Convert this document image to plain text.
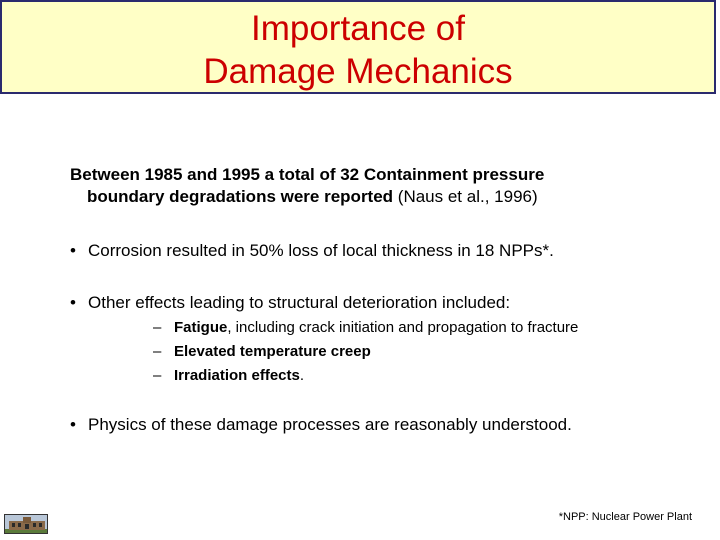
Importance of
Damage Mechanics
Between 1985 and 1995 a total of 32 Containment pressure
boundary degradations were reported (Naus et al., 1996)
• Corrosion resulted in 50% loss of local thickness in 18 NPPs*.
• Other effects leading to structural deterioration included:
– Fatigue, including crack initiation and propagation to fracture
– Elevated temperature creep
– Irradiation effects.
• Physics of these damage processes are reasonably understood.
*NPP: Nuclear Power Plant
